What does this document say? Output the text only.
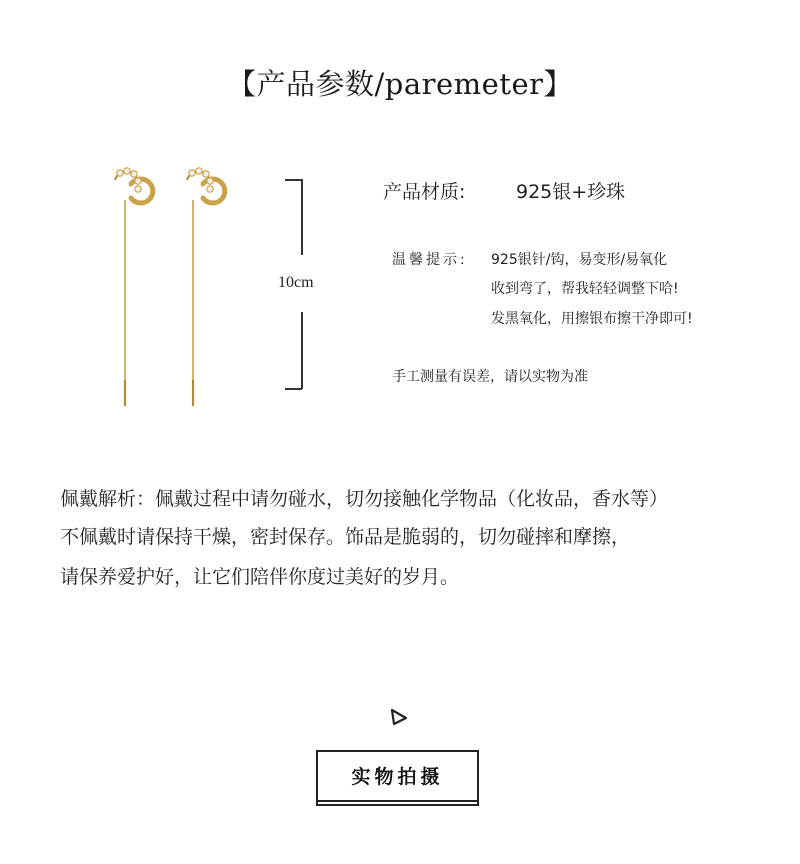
【产品参数/paremeter】
10cm
产品材质:	925银+珍珠
温馨提示: 925银针/钩，易变形/易氧化
收到弯了，帮我轻轻调整下哈!
发黑氧化，用擦银布擦干净即可!
手工测量有误差，请以实物为准
佩戴解析：佩戴过程中请勿碰水，切勿接触化学物品（化妆品，香水等）
不佩戴时请保持干燥，密封保存。饰品是脆弱的，切勿碰摔和摩擦，
请保养爱护好，让它们陪伴你度过美好的岁月。
实物拍摄
